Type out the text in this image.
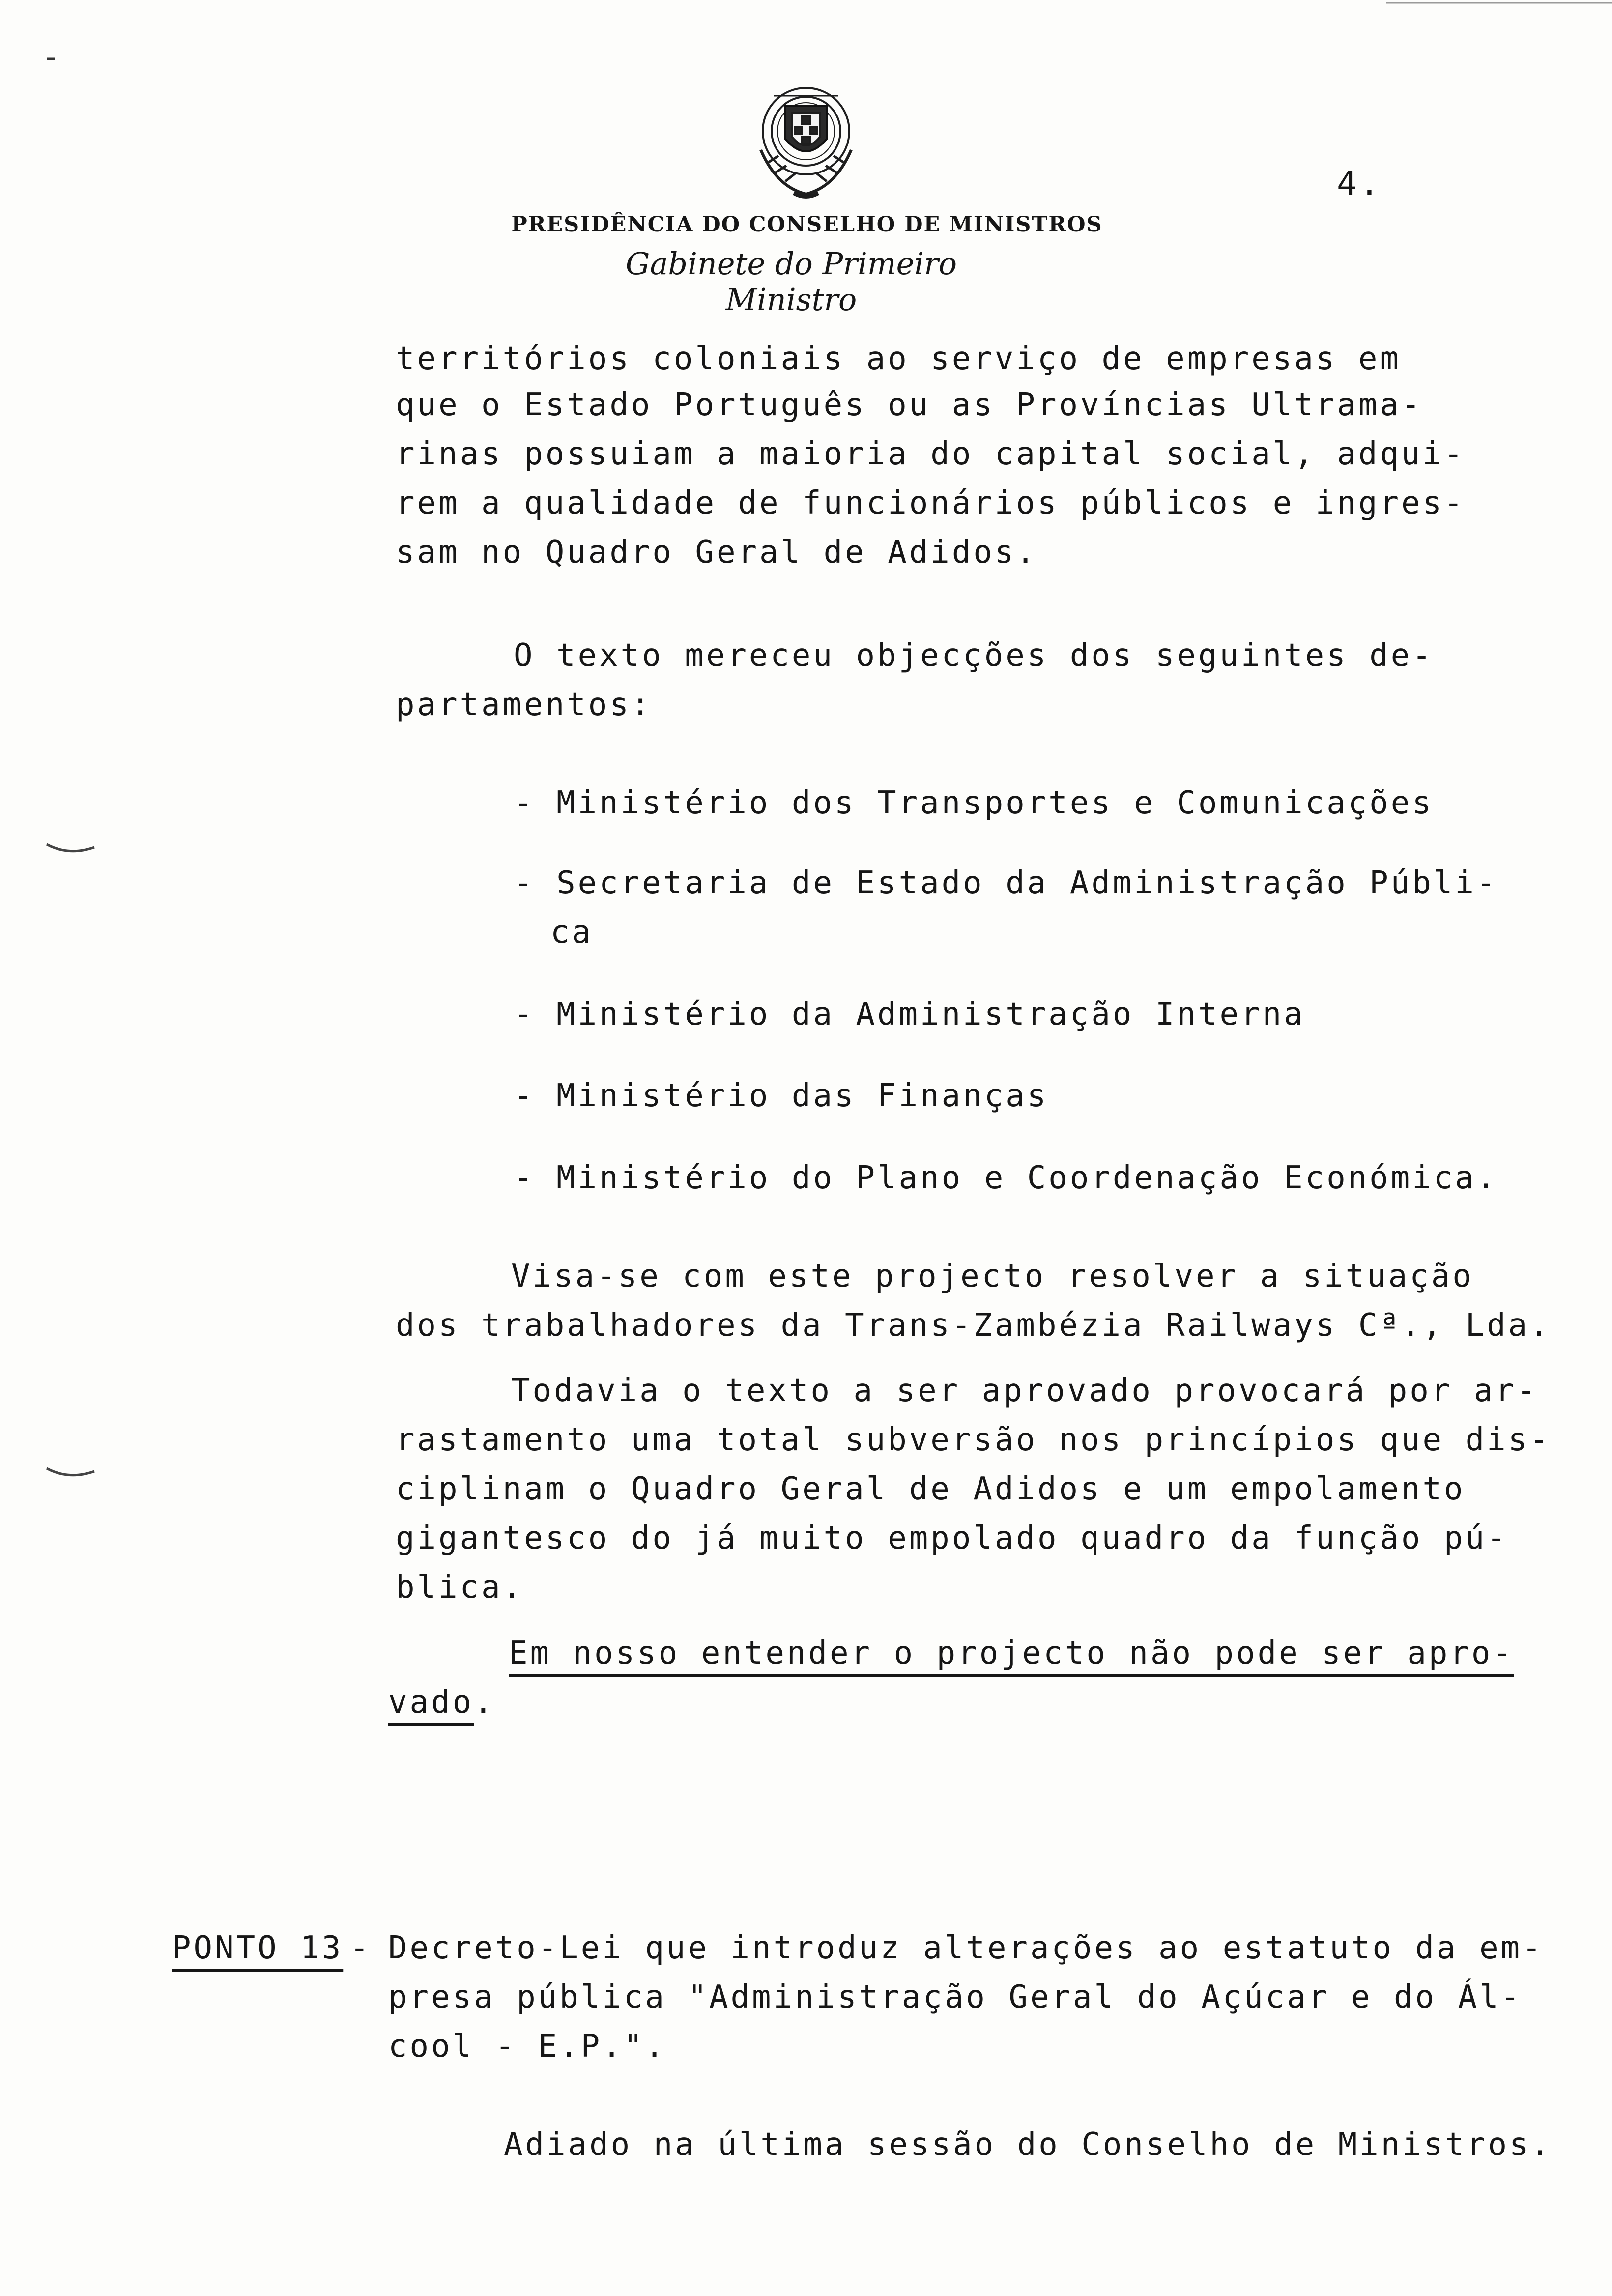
4.
PRESIDÊNCIA DO CONSELHO DE MINISTROS
Gabinete do Primeiro Ministro
territórios coloniais ao serviço de empresas em
que o Estado Português ou as Províncias Ultrama-
rinas possuiam a maioria do capital social, adqui-
rem a qualidade de funcionários públicos e ingres-
sam no Quadro Geral de Adidos.
O texto mereceu objecções dos seguintes de-
partamentos:
- Ministério dos Transportes e Comunicações
- Secretaria de Estado da Administração Públi-
ca
- Ministério da Administração Interna
- Ministério das Finanças
- Ministério do Plano e Coordenação Económica.
Visa-se com este projecto resolver a situação
dos trabalhadores da Trans-Zambézia Railways Cª., Lda.
Todavia o texto a ser aprovado provocará por ar-
rastamento uma total subversão nos princípios que dis-
ciplinam o Quadro Geral de Adidos e um empolamento
gigantesco do já muito empolado quadro da função pú-
blica.
Em nosso entender o projecto não pode ser apro-
vado.
PONTO 13 - Decreto-Lei que introduz alterações ao estatuto da em-
presa pública "Administração Geral do Açúcar e do Ál-
cool - E.P.".
Adiado na última sessão do Conselho de Ministros.
